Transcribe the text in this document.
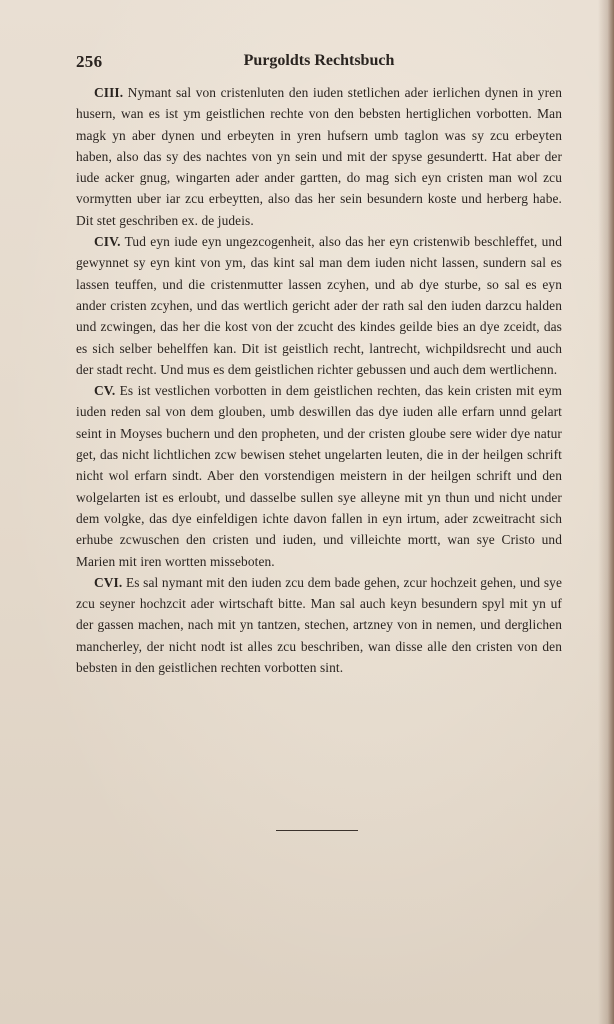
256	Purgoldts Rechtsbuch

CIII. Nymant sal von cristenluten den iuden stetlichen ader ierlichen dynen in yren husern, wan es ist ym geistlichen rechte von den bebsten hertiglichen vorbotten. Man magk yn aber dynen und erbeyten in yren hufsern umb taglon was sy zcu erbeyten haben, also das sy des nachtes von yn sein und mit der spyse gesundertt. Hat aber der iude acker gnug, wingarten ader ander gartten, do mag sich eyn cristen man wol zcu vormytten uber iar zcu erbeytten, also das her sein besundern koste und herberg habe. Dit stet geschriben ex. de judeis.

CIV. Tud eyn iude eyn ungezcogenheit, also das her eyn cristenwib beschleffet, und gewynnet sy eyn kint von ym, das kint sal man dem iuden nicht lassen, sundern sal es lassen teuffen, und die cristenmutter lassen zcyhen, und ab dye sturbe, so sal es eyn ander cristen zcyhen, und das wertlich gericht ader der rath sal den iuden darzcu halden und zcwingen, das her die kost von der zcucht des kindes geilde bies an dye zceidt, das es sich selber behelffen kan. Dit ist geistlich recht, lantrecht, wichpildsrecht und auch der stadt recht. Und mus es dem geistlichen richter gebussen und auch dem wertlichenn.

CV. Es ist vestlichen vorbotten in dem geistlichen rechten, das kein cristen mit eym iuden reden sal von dem glouben, umb deswillen das dye iuden alle erfarn unnd gelart seint in Moyses buchern und den propheten, und der cristen gloube sere wider dye natur get, das nicht lichtlichen zcw bewisen stehet ungelarten leuten, die in der heilgen schrift nicht wol erfarn sindt. Aber den vorstendigen meistern in der heilgen schrift und den wolgelarten ist es erloubt, und dasselbe sullen sye alleyne mit yn thun und nicht under dem volgke, das dye einfeldigen ichte davon fallen in eyn irtum, ader zcweitracht sich erhube zcwuschen den cristen und iuden, und villeichte mortt, wan sye Cristo und Marien mit iren wortten misseboten.

CVI. Es sal nymant mit den iuden zcu dem bade gehen, zcur hochzeit gehen, und sye zcu seyner hochzcit ader wirtschaft bitte. Man sal auch keyn besundern spyl mit yn uf der gassen machen, nach mit yn tantzen, stechen, artzney von in nemen, und derglichen mancherley, der nicht nodt ist alles zcu beschriben, wan disse alle den cristen von den bebsten in den geistlichen rechten vorbotten sint.
